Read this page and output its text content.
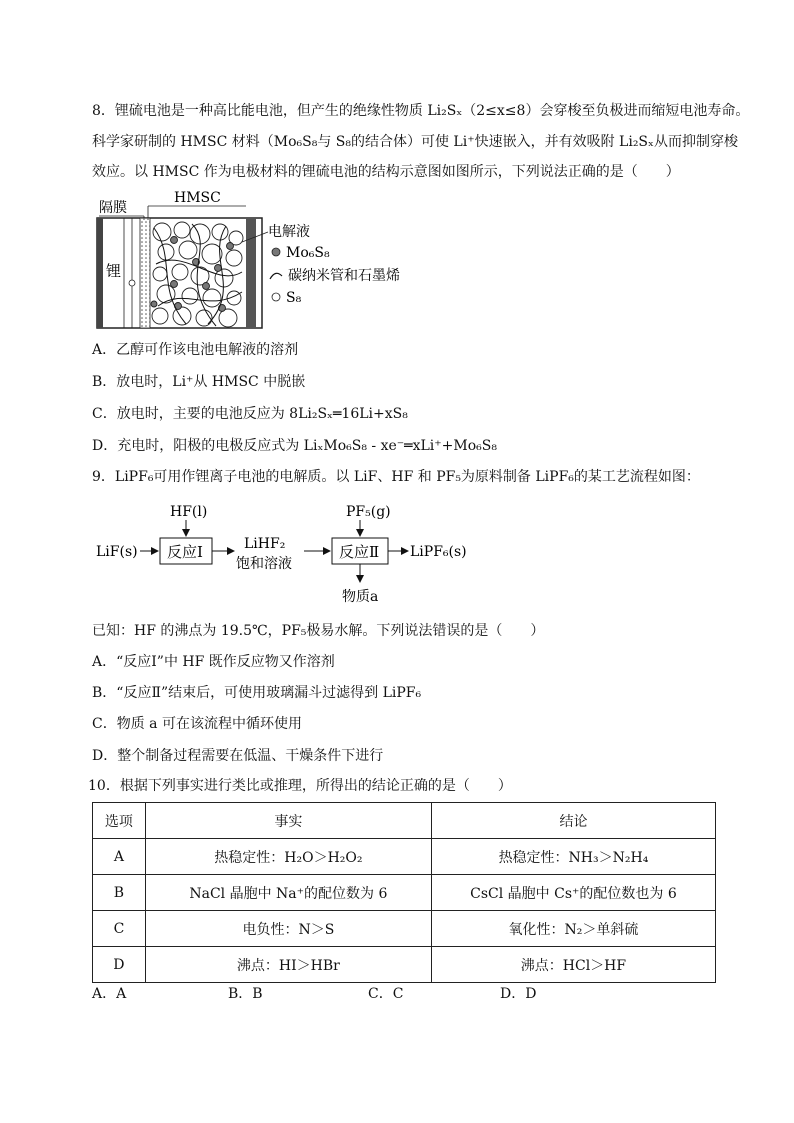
8．锂硫电池是一种高比能电池，但产生的绝缘性物质 Li₂Sₓ（2≤x≤8）会穿梭至负极进而缩短电池寿命。
科学家研制的 HMSC 材料（Mo₆S₈与 S₈的结合体）可使 Li⁺快速嵌入，并有效吸附 Li₂Sₓ从而抑制穿梭
效应。以 HMSC 作为电极材料的锂硫电池的结构示意图如图所示，下列说法正确的是（　　）
隔膜
HMSC
锂
电解液
Mo₆S₈
碳纳米管和石墨烯
S₈
A．乙醇可作该电池电解液的溶剂
B．放电时，Li⁺从 HMSC 中脱嵌
C．放电时，主要的电池反应为 8Li₂Sₓ═16Li+xS₈
D．充电时，阳极的电极反应式为 LiₓMo₆S₈ - xe⁻═xLi⁺+Mo₆S₈
9．LiPF₆可用作锂离子电池的电解质。以 LiF、HF 和 PF₅为原料制备 LiPF₆的某工艺流程如图：
LiF(s) 反应Ⅰ
HF(l)
LiHF₂
饱和溶液
反应Ⅱ
PF₅(g)
LiPF₆(s)
物质a
已知：HF 的沸点为 19.5℃，PF₅极易水解。下列说法错误的是（　　）
A．“反应Ⅰ”中 HF 既作反应物又作溶剂
B．“反应Ⅱ”结束后，可使用玻璃漏斗过滤得到 LiPF₆
C．物质 a 可在该流程中循环使用
D．整个制备过程需要在低温、干燥条件下进行
10．根据下列事实进行类比或推理，所得出的结论正确的是（　　）
选项	事实	结论
A	热稳定性：H₂O＞H₂O₂	热稳定性：NH₃＞N₂H₄
B	NaCl 晶胞中 Na⁺的配位数为 6	CsCl 晶胞中 Cs⁺的配位数也为 6
C	电负性：N＞S	氧化性：N₂＞单斜硫
D	沸点：HI＞HBr	沸点：HCl＞HF
A．A	B．B	C．C	D．D
